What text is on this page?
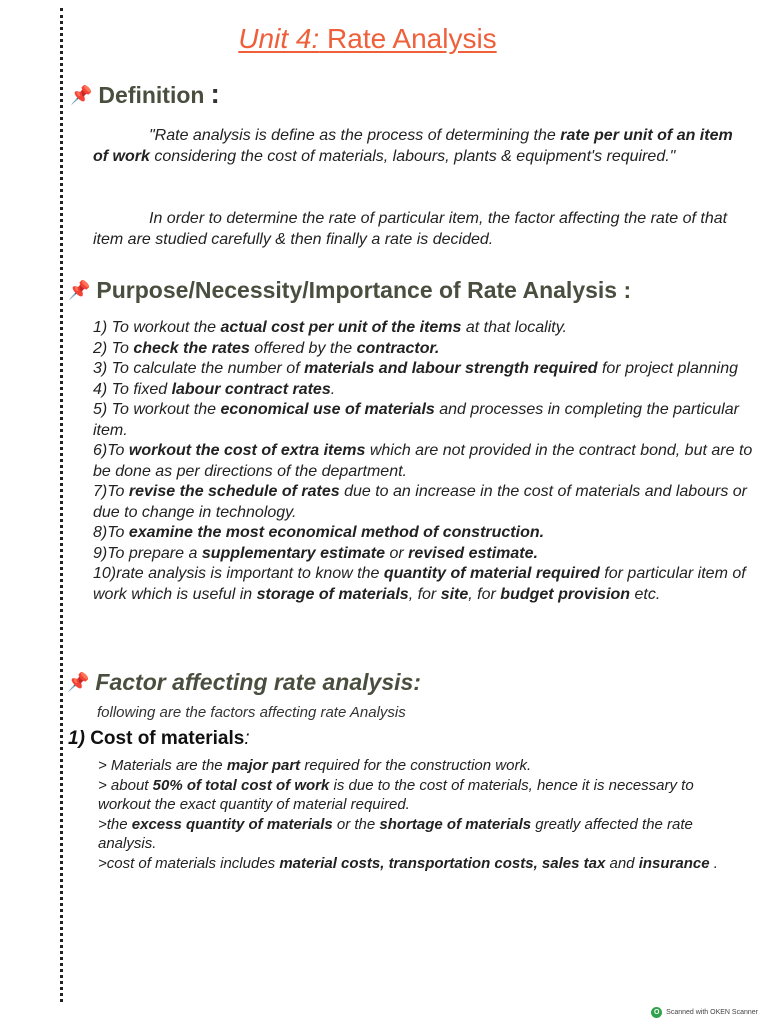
Unit 4: Rate Analysis
📌 Definition :

"Rate analysis is define as the process of determining the rate per unit of an item of work considering the cost of materials, labours, plants & equipment's required."

In order to determine the rate of particular item, the factor affecting the rate of that item are studied carefully & then finally a rate is decided.

📌 Purpose/Necessity/Importance of Rate Analysis :
1) To workout the actual cost per unit of the items at that locality.
2) To check the rates offered by the contractor.
3) To calculate the number of materials and labour strength required for project planning
4) To fixed labour contract rates.
5) To workout the economical use of materials and processes in completing the particular item.
6)To workout the cost of extra items which are not provided in the contract bond, but are to be done as per directions of the department.
7)To revise the schedule of rates due to an increase in the cost of materials and labours or due to change in technology.
8)To examine the most economical method of construction.
9)To prepare a supplementary estimate or revised estimate.
10)rate analysis is important to know the quantity of material required for particular item of work which is useful in storage of materials, for site, for budget provision etc.
📌 Factor affecting rate analysis:
following are the factors affecting rate Analysis
1) Cost of materials:
> Materials are the major part required for the construction work.
> about 50% of total cost of work is due to the cost of materials, hence it is necessary to workout the exact quantity of material required.
>the excess quantity of materials or the shortage of materials greatly affected the rate analysis.
>cost of materials includes material costs, transportation costs, sales tax and insurance .
O Scanned with OKEN Scanner
